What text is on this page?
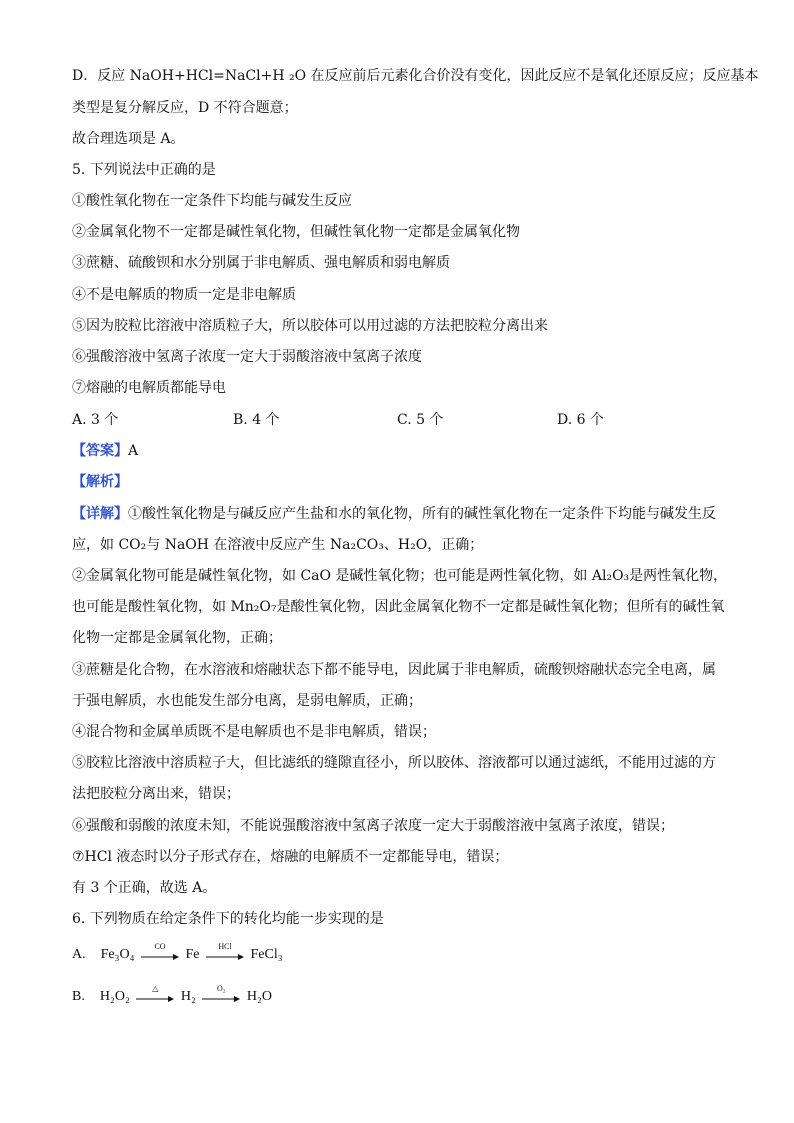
D．反应 NaOH+HCl=NaCl+H ₂O 在反应前后元素化合价没有变化，因此反应不是氧化还原反应；反应基本
类型是复分解反应，D 不符合题意；
故合理选项是 A。
5. 下列说法中正确的是
①酸性氧化物在一定条件下均能与碱发生反应
②金属氧化物不一定都是碱性氧化物，但碱性氧化物一定都是金属氧化物
③蔗糖、硫酸钡和水分别属于非电解质、强电解质和弱电解质
④不是电解质的物质一定是非电解质
⑤因为胶粒比溶液中溶质粒子大，所以胶体可以用过滤的方法把胶粒分离出来
⑥强酸溶液中氢离子浓度一定大于弱酸溶液中氢离子浓度
⑦熔融的电解质都能导电
A. 3 个	B. 4 个	C. 5 个	D. 6 个
【答案】A
【解析】
【详解】①酸性氧化物是与碱反应产生盐和水的氧化物，所有的碱性氧化物在一定条件下均能与碱发生反
应，如 CO₂与 NaOH 在溶液中反应产生 Na₂CO₃、H₂O，正确；
②金属氧化物可能是碱性氧化物，如 CaO 是碱性氧化物；也可能是两性氧化物，如 Al₂O₃是两性氧化物，
也可能是酸性氧化物，如 Mn₂O₇是酸性氧化物，因此金属氧化物不一定都是碱性氧化物；但所有的碱性氧
化物一定都是金属氧化物，正确；
③蔗糖是化合物，在水溶液和熔融状态下都不能导电，因此属于非电解质，硫酸钡熔融状态完全电离，属
于强电解质，水也能发生部分电离，是弱电解质，正确；
④混合物和金属单质既不是电解质也不是非电解质，错误；
⑤胶粒比溶液中溶质粒子大，但比滤纸的缝隙直径小，所以胶体、溶液都可以通过滤纸，不能用过滤的方
法把胶粒分离出来，错误；
⑥强酸和弱酸的浓度未知，不能说强酸溶液中氢离子浓度一定大于弱酸溶液中氢离子浓度，错误；
⑦HCl 液态时以分子形式存在，熔融的电解质不一定都能导电，错误；
有 3 个正确，故选 A。
6. 下列物质在给定条件下的转化均能一步实现的是
A. Fe₃O₄
CO
Fe
HCl
FeCl₃
B. H₂O₂
△
H₂
O₂
H₂O
